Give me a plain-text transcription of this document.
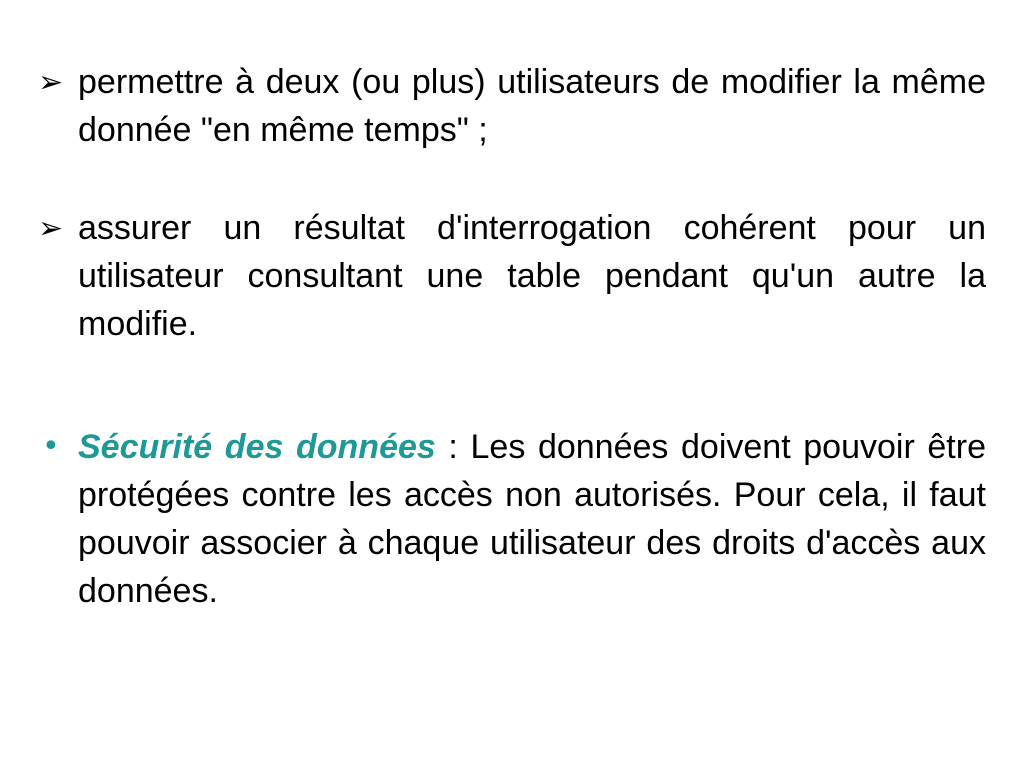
➢ permettre à deux (ou plus) utilisateurs de modifier la même donnée "en même temps" ;
➢ assurer un résultat d'interrogation cohérent pour un utilisateur consultant une table pendant qu'un autre la modifie.
• Sécurité des données : Les données doivent pouvoir être protégées contre les accès non autorisés. Pour cela, il faut pouvoir associer à chaque utilisateur des droits d'accès aux données.
